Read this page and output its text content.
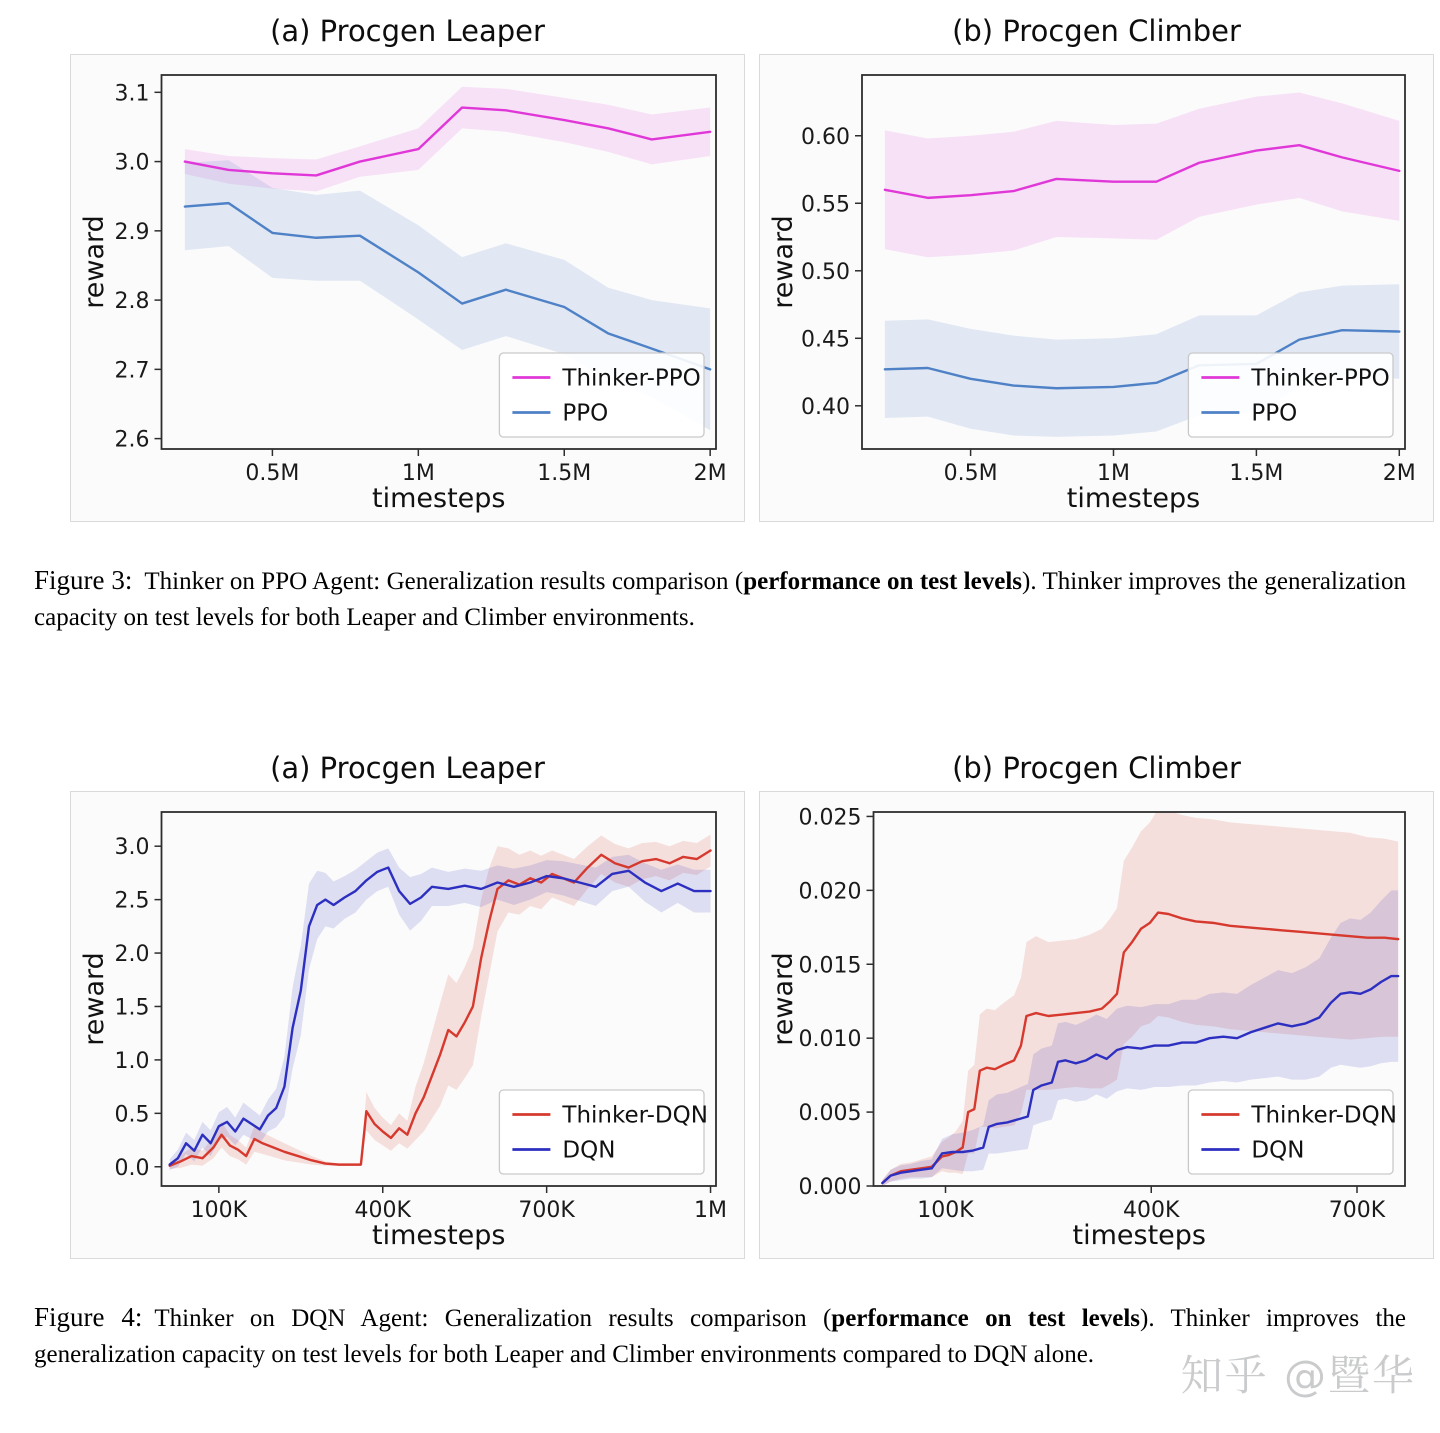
(a) Procgen Leaper	(b) Procgen Climber
0.5M	1M	1.5M	2M
2.6
2.7
2.8
2.9
3.0
3.1
timesteps
reward
Thinker-PPO
PPO
0.5M	1M	1.5M	2M
0.40
0.45
0.50
0.55
0.60
timesteps
reward
Thinker-PPO
PPO
Figure 3: Thinker on PPO Agent: Generalization results comparison (performance on test levels). Thinker improves the generalization capacity on test levels for both Leaper and Climber environments.
(a) Procgen Leaper	(b) Procgen Climber
100K	400K	700K	1M
0.0
0.5
1.0
1.5
2.0
2.5
3.0
timesteps
reward
Thinker-DQN
DQN
100K	400K	700K
0.000
0.005
0.010
0.015
0.020
0.025
timesteps
reward
Thinker-DQN
DQN
Figure 4: Thinker on DQN Agent: Generalization results comparison (performance on test levels). Thinker improves the generalization capacity on test levels for both Leaper and Climber environments compared to DQN alone.	知乎 @暨华
